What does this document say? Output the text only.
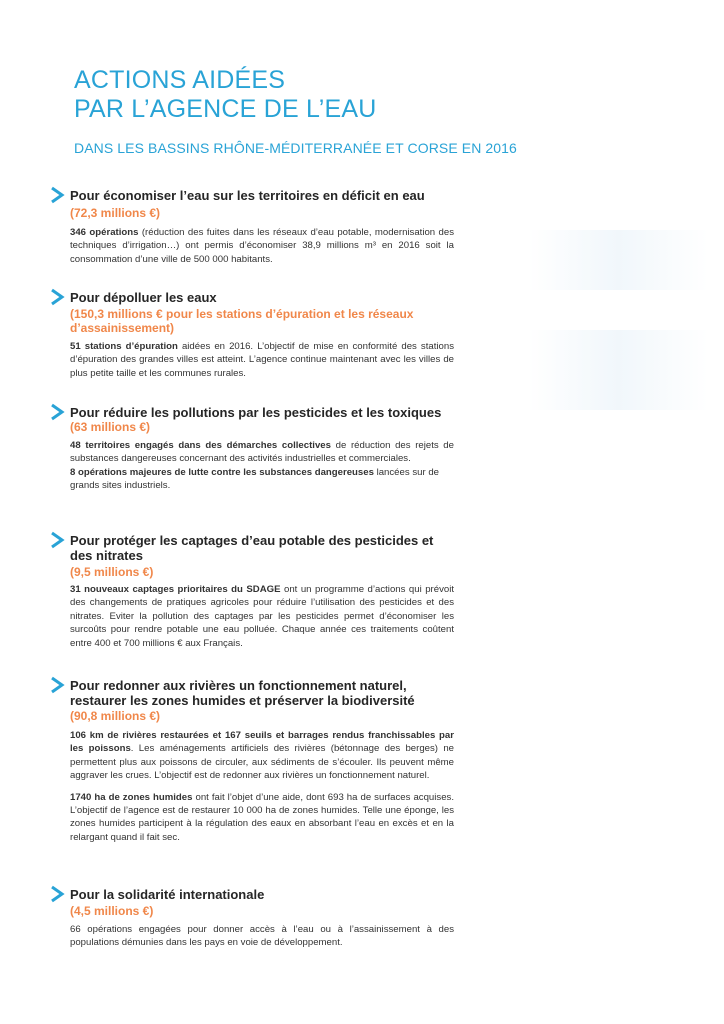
ACTIONS AIDÉES
PAR L’AGENCE DE L’EAU
DANS LES BASSINS RHÔNE-MÉDITERRANÉE ET CORSE EN 2016
Pour économiser l’eau sur les territoires en déficit en eau
(72,3 millions €)

346 opérations (réduction des fuites dans les réseaux d’eau potable, modernisation des techniques d’irrigation…) ont permis d’économiser 38,9 millions m³ en 2016 soit la consommation d’une ville de 500 000 habitants.

Pour dépolluer les eaux
(150,3 millions € pour les stations d’épuration et les réseaux d’assainissement)

51 stations d’épuration aidées en 2016. L’objectif de mise en conformité des stations d’épuration des grandes villes est atteint. L’agence continue maintenant avec les villes de plus petite taille et les communes rurales.

Pour réduire les pollutions par les pesticides et les toxiques
(63 millions €)

48 territoires engagés dans des démarches collectives de réduction des rejets de substances dangereuses concernant des activités industrielles et commerciales.

8 opérations majeures de lutte contre les substances dangereuses lancées sur de grands sites industriels.

Pour protéger les captages d’eau potable des pesticides et des nitrates
(9,5 millions €)

31 nouveaux captages prioritaires du SDAGE ont un programme d’actions qui prévoit des changements de pratiques agricoles pour réduire l’utilisation des pesticides et des nitrates. Eviter la pollution des captages par les pesticides permet d’économiser les surcoûts pour rendre potable une eau polluée. Chaque année ces traitements coûtent entre 400 et 700 millions € aux Français.

Pour redonner aux rivières un fonctionnement naturel, restaurer les zones humides et préserver la biodiversité
(90,8 millions €)

106 km de rivières restaurées et 167 seuils et barrages rendus franchissables par les poissons. Les aménagements artificiels des rivières (bétonnage des berges) ne permettent plus aux poissons de circuler, aux sédiments de s’écouler. Ils peuvent même aggraver les crues. L’objectif est de redonner aux rivières un fonctionnement naturel.

1740 ha de zones humides ont fait l’objet d’une aide, dont 693 ha de surfaces acquises. L’objectif de l’agence est de restaurer 10 000 ha de zones humides. Telle une éponge, les zones humides participent à la régulation des eaux en absorbant l’eau en excès et en la relargant quand il fait sec.

Pour la solidarité internationale
(4,5 millions €)

66 opérations engagées pour donner accès à l’eau ou à l’assainissement à des populations démunies dans les pays en voie de développement.
